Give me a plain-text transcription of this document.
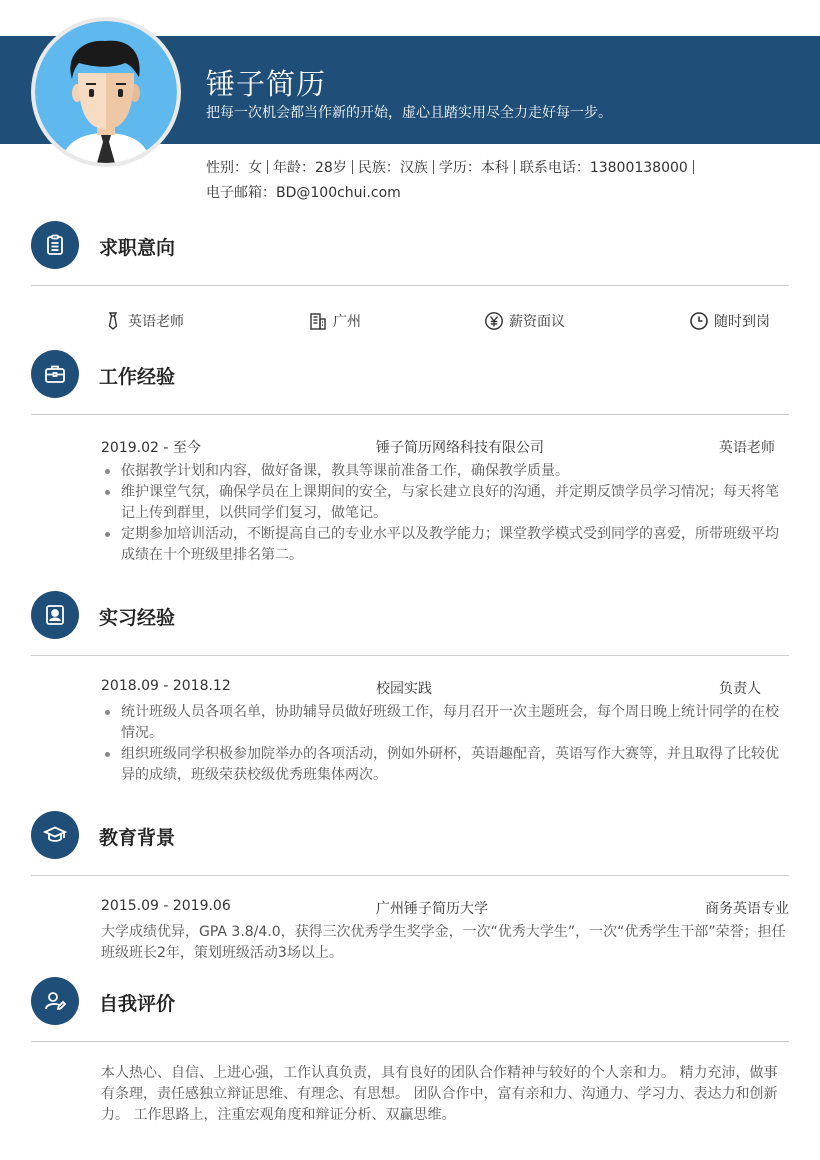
锤子简历
把每一次机会都当作新的开始，虚心且踏实用尽全力走好每一步。
性别：女 年龄：28岁 民族：汉族 学历：本科 联系电话：13800138000
电子邮箱：BD@100chui.com
求职意向
英语老师	广州	薪资面议	随时到岗
工作经验
2019.02 - 至今	锤子简历网络科技有限公司	英语老师
依据教学计划和内容，做好备课，教具等课前准备工作，确保教学质量。
维护课堂气氛，确保学员在上课期间的安全，与家长建立良好的沟通，并定期反馈学员学习情况；每天将笔记上传到群里，以供同学们复习，做笔记。
定期参加培训活动，不断提高自己的专业水平以及教学能力；课堂教学模式受到同学的喜爱，所带班级平均成绩在十个班级里排名第二。
实习经验
2018.09 - 2018.12	校园实践	负责人
统计班级人员各项名单，协助辅导员做好班级工作，每月召开一次主题班会，每个周日晚上统计同学的在校情况。
组织班级同学积极参加院举办的各项活动，例如外研杯，英语趣配音，英语写作大赛等，并且取得了比较优异的成绩，班级荣获校级优秀班集体两次。
教育背景
2015.09 - 2019.06	广州锤子简历大学	商务英语专业
大学成绩优异，GPA 3.8/4.0，获得三次优秀学生奖学金，一次“优秀大学生”，一次“优秀学生干部”荣誉；担任班级班长2年，策划班级活动3场以上。
自我评价
本人热心、自信、上进心强，工作认真负责，具有良好的团队合作精神与较好的个人亲和力。 精力充沛，做事有条理，责任感独立辩证思维、有理念、有思想。 团队合作中，富有亲和力、沟通力、学习力、表达力和创新力。 工作思路上，注重宏观角度和辩证分析、双赢思维。
